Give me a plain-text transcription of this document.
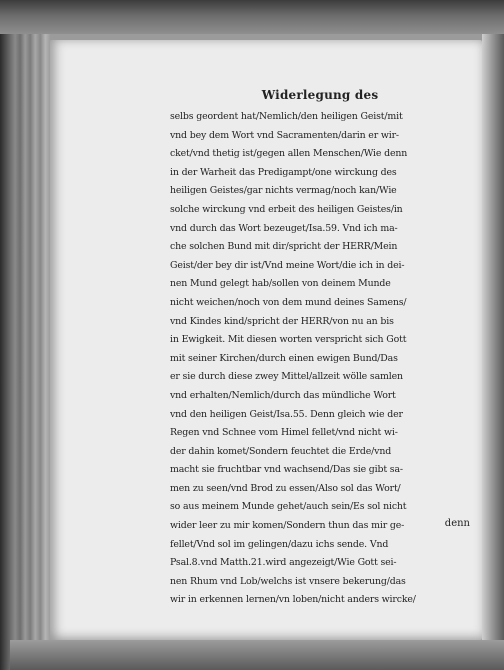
Widerlegung des
selbs geordent hat/Nemlich/den heiligen Geist/mit
vnd bey dem Wort vnd Sacramenten/darin er wir-
cket/vnd thetig ist/gegen allen Menschen/Wie denn
in der Warheit das Predigampt/one wirckung des
heiligen Geistes/gar nichts vermag/noch kan/Wie
solche wirckung vnd erbeit des heiligen Geistes/in
vnd durch das Wort bezeuget/Isa.59. Vnd ich ma-
che solchen Bund mit dir/spricht der HERR/Mein
Geist/der bey dir ist/Vnd meine Wort/die ich in dei-
nen Mund gelegt hab/sollen von deinem Munde
nicht weichen/noch von dem mund deines Samens/
vnd Kindes kind/spricht der HERR/von nu an bis
in Ewigkeit. Mit diesen worten verspricht sich Gott
mit seiner Kirchen/durch einen ewigen Bund/Das
er sie durch diese zwey Mittel/allzeit wölle samlen
vnd erhalten/Nemlich/durch das mündliche Wort
vnd den heiligen Geist/Isa.55. Denn gleich wie der
Regen vnd Schnee vom Himel fellet/vnd nicht wi-
der dahin komet/Sondern feuchtet die Erde/vnd
macht sie fruchtbar vnd wachsend/Das sie gibt sa-
men zu seen/vnd Brod zu essen/Also sol das Wort/
so aus meinem Munde gehet/auch sein/Es sol nicht
wider leer zu mir komen/Sondern thun das mir ge-
fellet/Vnd sol im gelingen/dazu ichs sende. Vnd
Psal.8.vnd Matth.21.wird angezeigt/Wie Gott sei-
nen Rhum vnd Lob/welchs ist vnsere bekerung/das
wir in erkennen lernen/vn loben/nicht anders wircke/
denn
